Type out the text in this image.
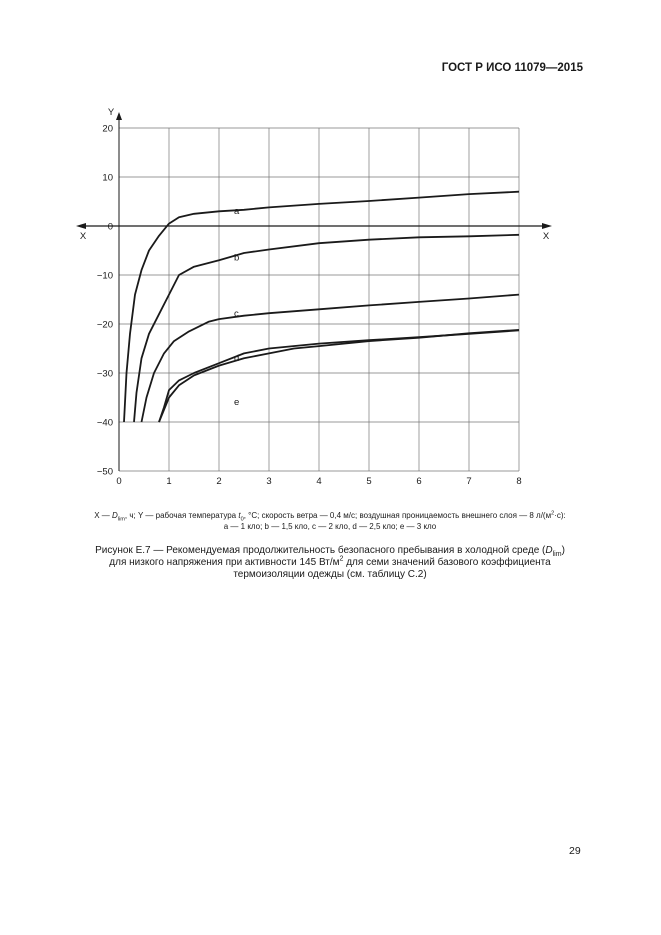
ГОСТ Р ИСО 11079—2015
0	1	2	3	4	5	6	7	8
20
10
0
−10
−20
−30
−40
−50
Y
X
X
a
b
c
d
e
X — $D_{lim}$, ч; Y — рабочая температура $t_0$, °C; скорость ветра — 0,4 м/с; воздушная проницаемость внешнего слоя — 8 $л/(м^2\cdot с)$:
a — 1 кло; b — 1,5 кло, c — 2 кло, d — 2,5 кло; e — 3 кло
Рисунок Е.7 — Рекомендуемая продолжительность безопасного пребывания в холодной среде $(D_{lim})$
для низкого напряжения при активности 145 $Вт/м^2$ для семи значений базового коэффициента
термоизоляции одежды (см. таблицу С.2)
29
